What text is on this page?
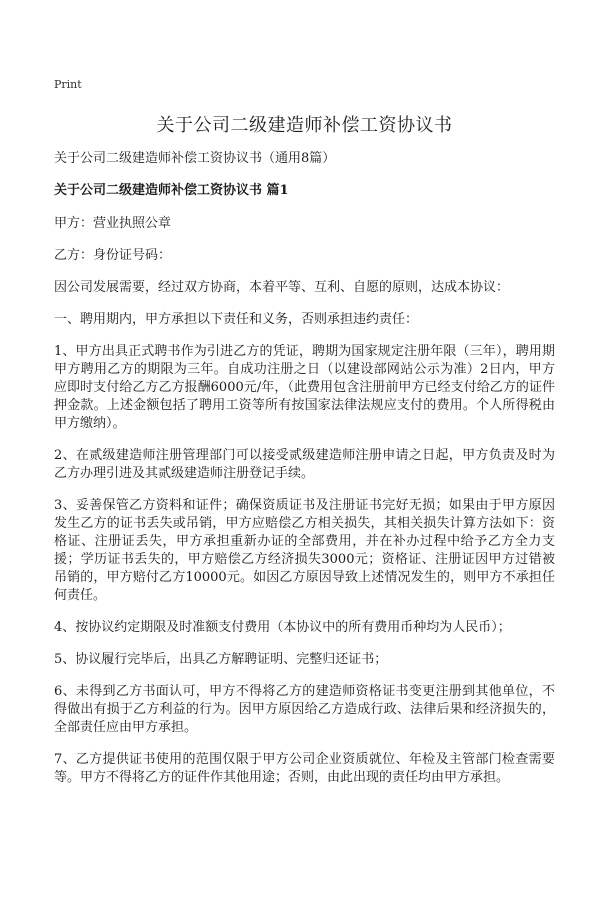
Print

关于公司二级建造师补偿工资协议书

关于公司二级建造师补偿工资协议书（通用8篇）

关于公司二级建造师补偿工资协议书 篇1

甲方：营业执照公章

乙方：身份证号码：

因公司发展需要，经过双方协商，本着平等、互利、自愿的原则，达成本协议：

一、聘用期内，甲方承担以下责任和义务，否则承担违约责任：

1、甲方出具正式聘书作为引进乙方的凭证，聘期为国家规定注册年限（三年），聘用期甲方聘用乙方的期限为三年。自成功注册之日（以建设部网站公示为准）2日内，甲方应即时支付给乙方乙方报酬6000元/年，（此费用包含注册前甲方已经支付给乙方的证件押金款。上述金额包括了聘用工资等所有按国家法律法规应支付的费用。个人所得税由甲方缴纳）。

2、在贰级建造师注册管理部门可以接受贰级建造师注册申请之日起，甲方负责及时为乙方办理引进及其贰级建造师注册登记手续。

3、妥善保管乙方资料和证件；确保资质证书及注册证书完好无损；如果由于甲方原因发生乙方的证书丢失或吊销，甲方应赔偿乙方相关损失，其相关损失计算方法如下：资格证、注册证丢失，甲方承担重新办证的全部费用，并在补办过程中给予乙方全力支援；学历证书丢失的，甲方赔偿乙方经济损失3000元；资格证、注册证因甲方过错被吊销的，甲方赔付乙方10000元。如因乙方原因导致上述情况发生的，则甲方不承担任何责任。

4、按协议约定期限及时准额支付费用（本协议中的所有费用币种均为人民币）；

5、协议履行完毕后，出具乙方解聘证明、完整归还证书；

6、未得到乙方书面认可，甲方不得将乙方的建造师资格证书变更注册到其他单位，不得做出有损于乙方利益的行为。因甲方原因给乙方造成行政、法律后果和经济损失的，全部责任应由甲方承担。

7、乙方提供证书使用的范围仅限于甲方公司企业资质就位、年检及主管部门检查需要等。甲方不得将乙方的证件作其他用途；否则，由此出现的责任均由甲方承担。
